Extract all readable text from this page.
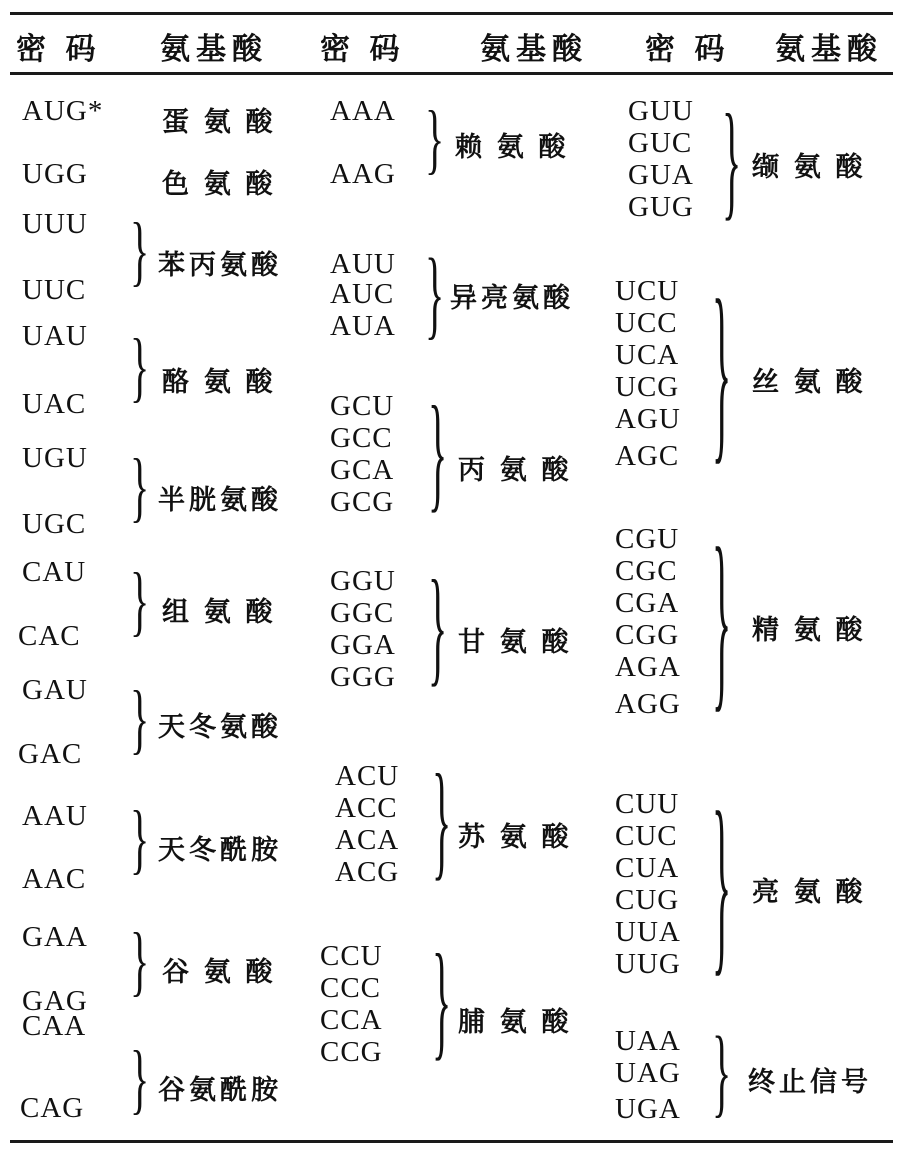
密 码 氨基酸 密 码 氨基酸 密 码 氨基酸
AUG*
UGG
UUU
UUC
UAU
UAC
UGU
UGC
CAU
CAC
GAU
GAC
AAU
AAC
GAA
GAG
CAA
CAG
AAA
AAG
AUU
AUC
AUA
GCU
GCC
GCA
GCG
GGU
GGC
GGA
GGG
ACU
ACC
ACA
ACG
CCU
CCC
CCA
CCG
GUU
GUC
GUA
GUG
UCU
UCC
UCA
UCG
AGU
AGC
CGU
CGC
CGA
CGG
AGA
AGG
CUU
CUC
CUA
CUG
UUA
UUG
UAA
UAG
UGA
蛋 氨 酸
色 氨 酸
苯丙氨酸
酪 氨 酸
半胱氨酸
组 氨 酸
天冬氨酸
天冬酰胺
谷 氨 酸
谷氨酰胺
赖 氨 酸
异亮氨酸
丙 氨 酸
甘 氨 酸
苏 氨 酸
脯 氨 酸
缬 氨 酸
丝 氨 酸
精 氨 酸
亮 氨 酸
终止信号
}
}
}
}
}
}
}
}
}
}
}
}
}
}
}
}
}
}
}
